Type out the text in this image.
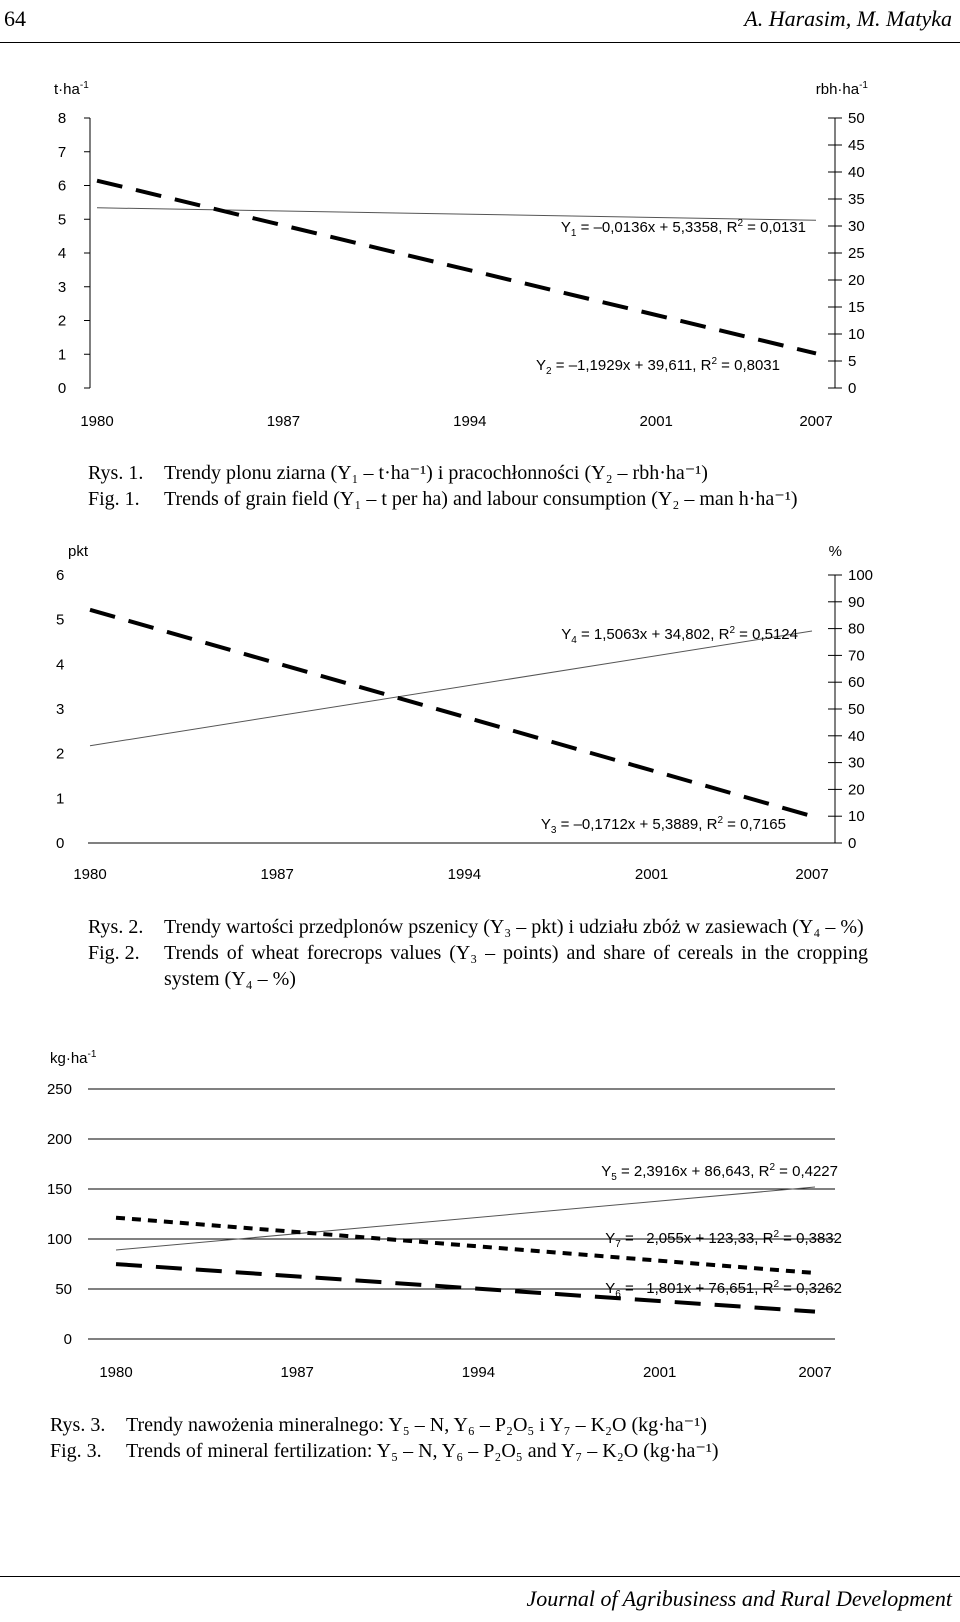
64	A. Harasim, M. Matyka
0
1
2
3
4
5
6
7
8
$t\cdot ha^{-1}$
0
5
10
15
20
25
30
35
40
45
50
$rbh\cdot ha^{-1}$
1980	1987	1994	2001	2007
$Y_1 = -0,0136x + 5,3358$, $R^2 = 0,0131$
$Y_2 = -1,1929x + 39,611$, $R^2 = 0,8031$
Rys. 1.	Trendy plonu ziarna (Y₁ – t·ha⁻¹) i pracochłonności (Y₂ – rbh·ha⁻¹)
Fig. 1.	Trends of grain field (Y₁ – t per ha) and labour consumption (Y₂ – man h·ha⁻¹)
0
1
2
3
4
5
6
pkt
0
10
20
30
40
50
60
70
80
90
100
%
1980	1987	1994	2001	2007
$Y_4 = 1,5063x + 34,802$, $R^2 = 0,5124$
$Y_3 = -0,1712x + 5,3889$, $R^2 = 0,7165$
Rys. 2.	Trendy wartości przedplonów pszenicy (Y₃ – pkt) i udziału zbóż w zasiewach (Y₄ – %)
Fig. 2.	Trends of wheat forecrops values (Y₃ – points) and share of cereals in the cropping system (Y₄ – %)
0
50
100
150
200
250
$kg\cdot ha^{-1}$
1980	1987	1994	2001	2007
$Y_5 = 2,3916x + 86,643$, $R^2 = 0,4227$
$Y_7 = -2,055x + 123,33$, $R^2 = 0,3832$
$Y_6 = -1,801x + 76,651$, $R^2 = 0,3262$
Rys. 3.	Trendy nawożenia mineralnego: Y₅ – N, Y₆ – P₂O₅ i Y₇ – K₂O (kg·ha⁻¹)
Fig. 3.	Trends of mineral fertilization: Y₅ – N, Y₆ – P₂O₅ and Y₇ – K₂O (kg·ha⁻¹)
Journal of Agribusiness and Rural Development
